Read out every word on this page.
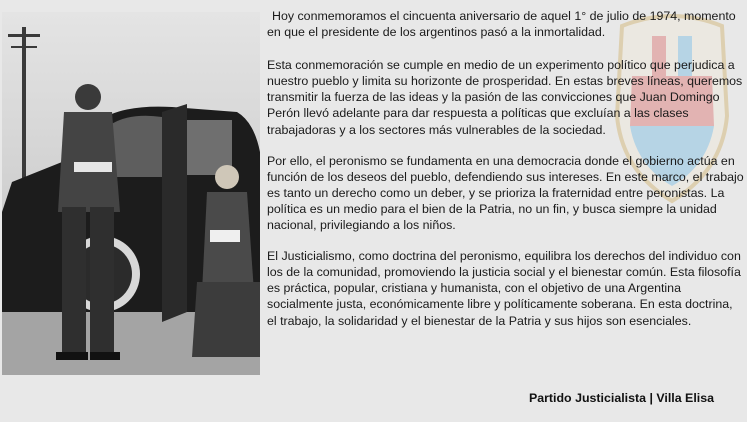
Hoy conmemoramos el cincuenta aniversario de aquel 1° de julio de 1974, momento en que el presidente de los argentinos pasó a la inmortalidad.

Esta conmemoración se cumple en medio de un experimento político que perjudica a nuestro pueblo y limita su horizonte de prosperidad. En estas breves líneas, queremos transmitir la fuerza de las ideas y la pasión de las convicciones que Juan Domingo Perón llevó adelante para dar respuesta a políticas que excluían a las clases trabajadoras y a los sectores más vulnerables de la sociedad.

Por ello, el peronismo se fundamenta en una democracia donde el gobierno actúa en función de los deseos del pueblo, defendiendo sus intereses. En este marco, el trabajo es tanto un derecho como un deber, y se prioriza la fraternidad entre peronistas. La política es un medio para el bien de la Patria, no un fin, y busca siempre la unidad nacional, privilegiando a los niños.

El Justicialismo, como doctrina del peronismo, equilibra los derechos del individuo con los de la comunidad, promoviendo la justicia social y el bienestar común. Esta filosofía es práctica, popular, cristiana y humanista, con el objetivo de una Argentina socialmente justa, económicamente libre y políticamente soberana. En esta doctrina, el trabajo, la solidaridad y el bienestar de la Patria y sus hijos son esenciales.

Partido Justicialista | Villa Elisa
